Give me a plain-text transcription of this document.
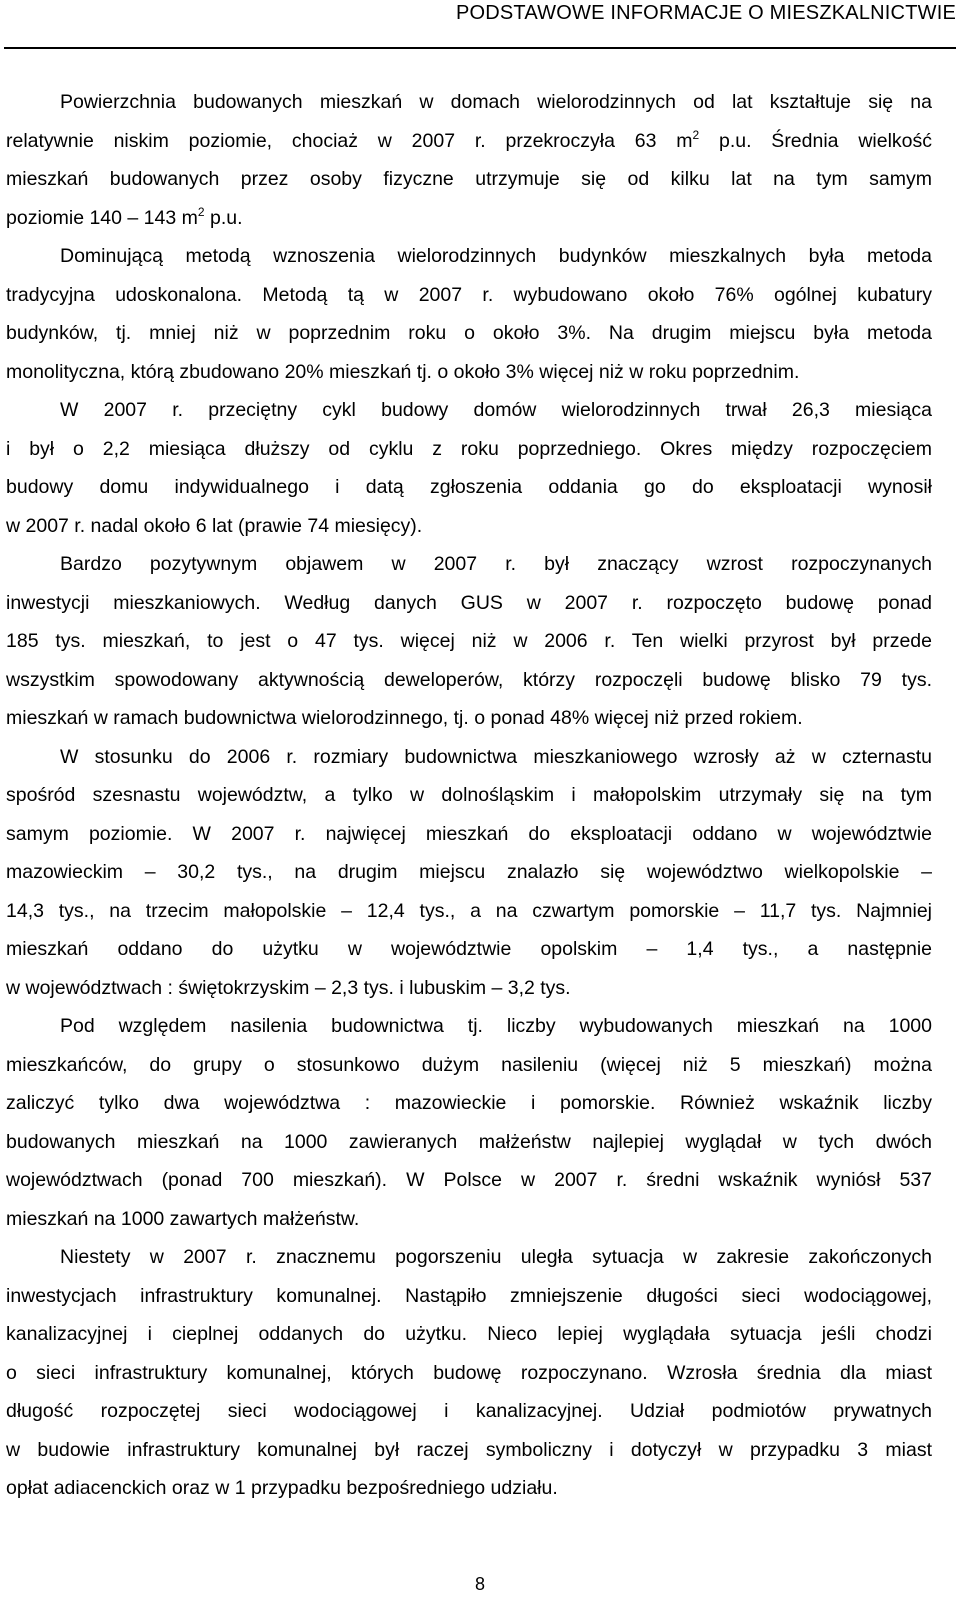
PODSTAWOWE INFORMACJE O MIESZKALNICTWIE
Powierzchnia budowanych mieszkań w domach wielorodzinnych od lat kształtuje się na
relatywnie niskim poziomie, chociaż w 2007 r. przekroczyła 63 $m^2$ p.u. Średnia wielkość
mieszkań budowanych przez osoby fizyczne utrzymuje się od kilku lat na tym samym
poziomie 140 – 143 $m^2$ p.u.
Dominującą metodą wznoszenia wielorodzinnych budynków mieszkalnych była metoda
tradycyjna udoskonalona. Metodą tą w 2007 r. wybudowano około 76% ogólnej kubatury
budynków, tj. mniej niż w poprzednim roku o około 3%. Na drugim miejscu była metoda
monolityczna, którą zbudowano 20% mieszkań tj. o około 3% więcej niż w roku poprzednim.
W 2007 r. przeciętny cykl budowy domów wielorodzinnych trwał 26,3 miesiąca
i był o 2,2 miesiąca dłuższy od cyklu z roku poprzedniego. Okres między rozpoczęciem
budowy domu indywidualnego i datą zgłoszenia oddania go do eksploatacji wynosił
w 2007 r. nadal około 6 lat (prawie 74 miesięcy).
Bardzo pozytywnym objawem w 2007 r. był znaczący wzrost rozpoczynanych
inwestycji mieszkaniowych. Według danych GUS w 2007 r. rozpoczęto budowę ponad
185 tys. mieszkań, to jest o 47 tys. więcej niż w 2006 r. Ten wielki przyrost był przede
wszystkim spowodowany aktywnością deweloperów, którzy rozpoczęli budowę blisko 79 tys.
mieszkań w ramach budownictwa wielorodzinnego, tj. o ponad 48% więcej niż przed rokiem.
W stosunku do 2006 r. rozmiary budownictwa mieszkaniowego wzrosły aż w czternastu
spośród szesnastu województw, a tylko w dolnośląskim i małopolskim utrzymały się na tym
samym poziomie. W 2007 r. najwięcej mieszkań do eksploatacji oddano w województwie
mazowieckim – 30,2 tys., na drugim miejscu znalazło się województwo wielkopolskie –
14,3 tys., na trzecim małopolskie – 12,4 tys., a na czwartym pomorskie – 11,7 tys. Najmniej
mieszkań oddano do użytku w województwie opolskim – 1,4 tys., a następnie
w województwach : świętokrzyskim – 2,3 tys. i lubuskim – 3,2 tys.
Pod względem nasilenia budownictwa tj. liczby wybudowanych mieszkań na 1000
mieszkańców, do grupy o stosunkowo dużym nasileniu (więcej niż 5 mieszkań) można
zaliczyć tylko dwa województwa : mazowieckie i pomorskie. Również wskaźnik liczby
budowanych mieszkań na 1000 zawieranych małżeństw najlepiej wyglądał w tych dwóch
województwach (ponad 700 mieszkań). W Polsce w 2007 r. średni wskaźnik wyniósł 537
mieszkań na 1000 zawartych małżeństw.
Niestety w 2007 r. znacznemu pogorszeniu uległa sytuacja w zakresie zakończonych
inwestycjach infrastruktury komunalnej. Nastąpiło zmniejszenie długości sieci wodociągowej,
kanalizacyjnej i cieplnej oddanych do użytku. Nieco lepiej wyglądała sytuacja jeśli chodzi
o sieci infrastruktury komunalnej, których budowę rozpoczynano. Wzrosła średnia dla miast
długość rozpoczętej sieci wodociągowej i kanalizacyjnej. Udział podmiotów prywatnych
w budowie infrastruktury komunalnej był raczej symboliczny i dotyczył w przypadku 3 miast
opłat adiacenckich oraz w 1 przypadku bezpośredniego udziału.
8
